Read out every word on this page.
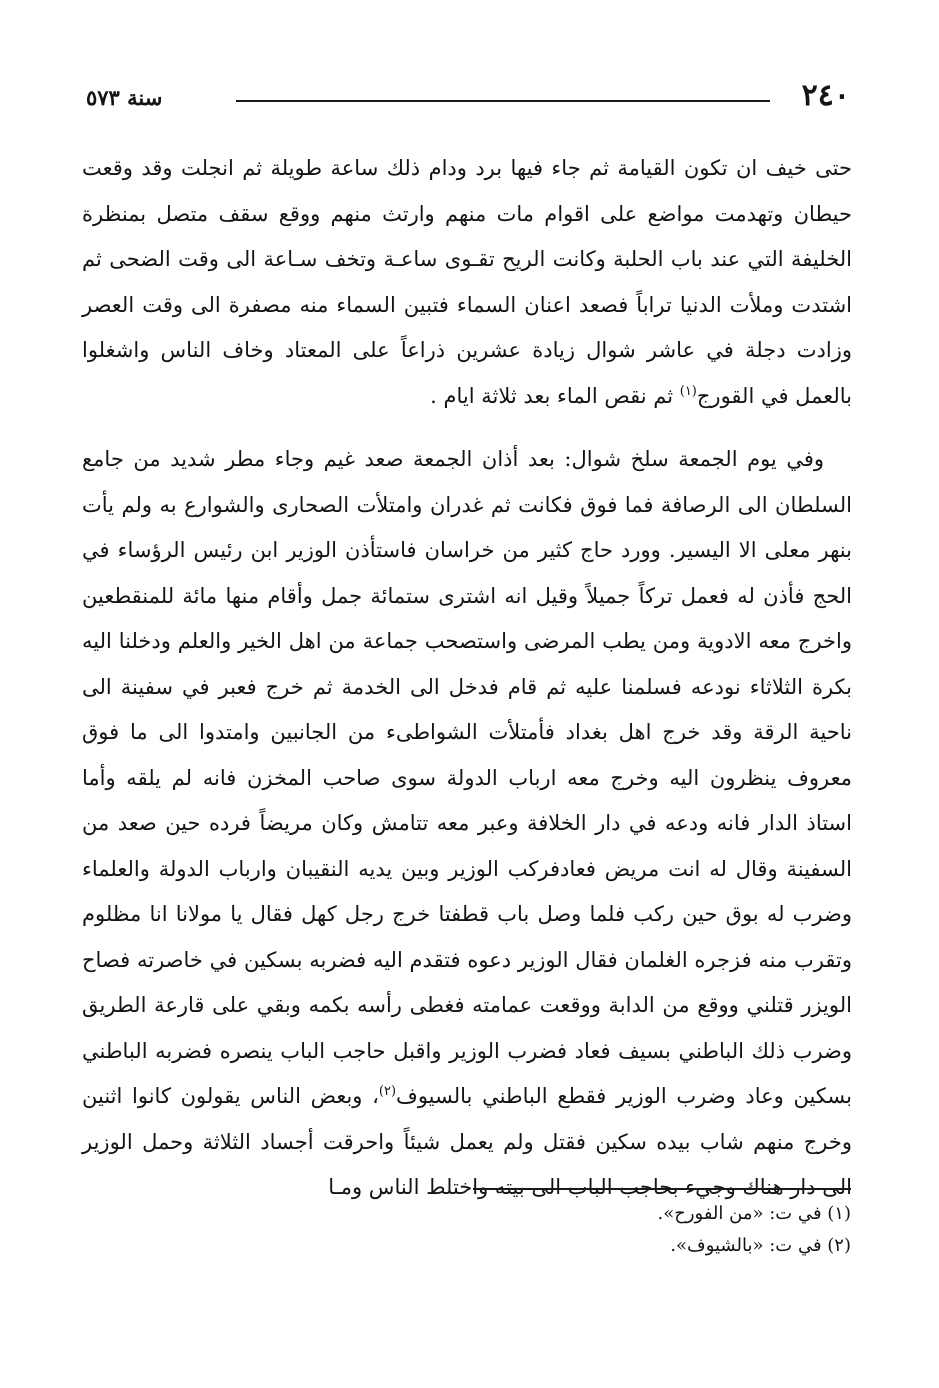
٢٤٠
سنة ٥٧٣

حتى خيف ان تكون القيامة ثم جاء فيها برد ودام ذلك ساعة طويلة ثم انجلت وقد وقعت حيطان وتهدمت مواضع على اقوام مات منهم وارتث منهم ووقع سقف متصل بمنظرة الخليفة التي عند باب الحلبة وكانت الريح تقـوى ساعـة وتخف سـاعة الى وقت الضحى ثم اشتدت وملأت الدنيا تراباً فصعد اعنان السماء فتبين السماء منه مصفرة الى وقت العصر وزادت دجلة في عاشر شوال زيادة عشرين ذراعاً على المعتاد وخاف الناس واشغلوا بالعمل في القورج$^{(١)}$ ثم نقص الماء بعد ثلاثة ايام .

وفي يوم الجمعة سلخ شوال: بعد أذان الجمعة صعد غيم وجاء مطر شديد من جامع السلطان الى الرصافة فما فوق فكانت ثم غدران وامتلأت الصحارى والشوارع به ولم يأت بنهر معلى الا اليسير. وورد حاج كثير من خراسان فاستأذن الوزير ابن رئيس الرؤساء في الحج فأذن له فعمل تركاً جميلاً وقيل انه اشترى ستمائة جمل وأقام منها مائة للمنقطعين واخرج معه الادوية ومن يطب المرضى واستصحب جماعة من اهل الخير والعلم ودخلنا اليه بكرة الثلاثاء نودعه فسلمنا عليه ثم قام فدخل الى الخدمة ثم خرج فعبر في سفينة الى ناحية الرقة وقد خرج اهل بغداد فأمتلأت الشواطىء من الجانبين وامتدوا الى ما فوق معروف ينظرون اليه وخرج معه ارباب الدولة سوى صاحب المخزن فانه لم يلقه وأما استاذ الدار فانه ودعه في دار الخلافة وعبر معه تتامش وكان مريضاً فرده حين صعد من السفينة وقال له انت مريض فعادفركب الوزير وبين يديه النقيبان وارباب الدولة والعلماء وضرب له بوق حين ركب فلما وصل باب قطفتا خرج رجل كهل فقال يا مولانا انا مظلوم وتقرب منه فزجره الغلمان فقال الوزير دعوه فتقدم اليه فضربه بسكين في خاصرته فصاح الويزر قتلني ووقع من الدابة ووقعت عمامته فغطى رأسه بكمه وبقي على قارعة الطريق وضرب ذلك الباطني بسيف فعاد فضرب الوزير واقبل حاجب الباب ينصره فضربه الباطني بسكين وعاد وضرب الوزير فقطع الباطني بالسيوف$^{(٢)}$، وبعض الناس يقولون كانوا اثنين وخرج منهم شاب بيده سكين فقتل ولم يعمل شيئاً واحرقت أجساد الثلاثة وحمل الوزير الى دار هناك وجيء بحاجب الباب الى بيته واختلط الناس ومـا

(١) في ت: «من الفورح».

(٢) في ت: «بالشيوف».
